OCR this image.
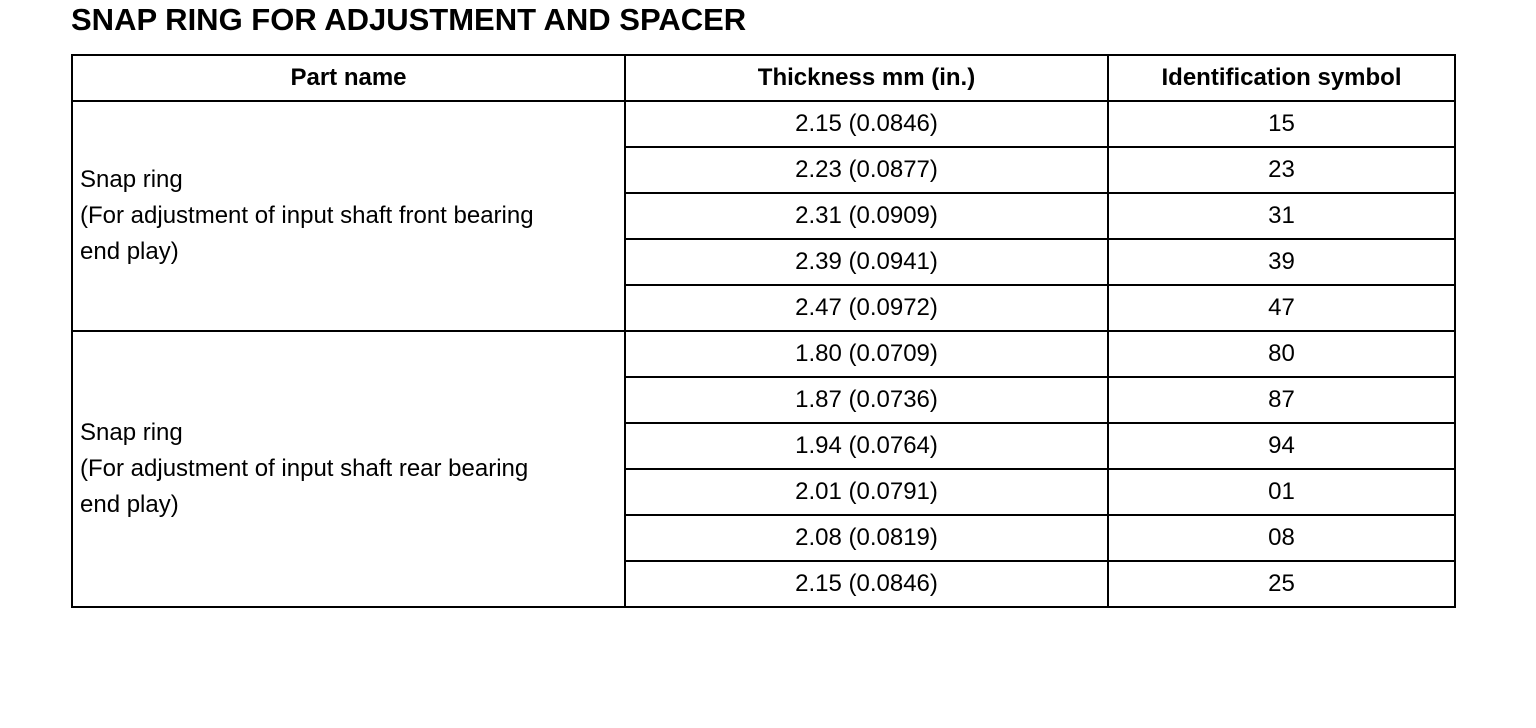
SNAP RING FOR ADJUSTMENT AND SPACER
Part name	Thickness mm (in.)	Identification symbol

Snap ring
(For adjustment of input shaft front bearing
end play)	2.15 (0.0846)	15
	2.23 (0.0877)	23
	2.31 (0.0909)	31
	2.39 (0.0941)	39
	2.47 (0.0972)	47

Snap ring
(For adjustment of input shaft rear bearing
end play)	1.80 (0.0709)	80
	1.87 (0.0736)	87
	1.94 (0.0764)	94
	2.01 (0.0791)	01
	2.08 (0.0819)	08
	2.15 (0.0846)	25
